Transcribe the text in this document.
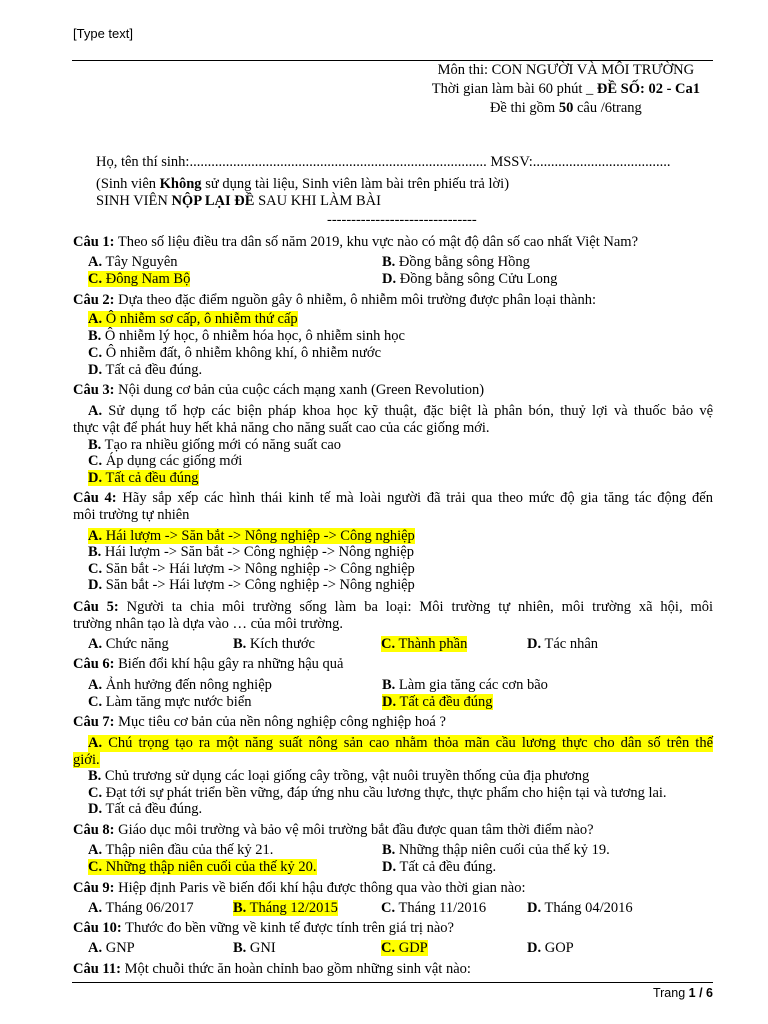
[Type text]
Môn thi: CON NGƯỜI VÀ MÔI TRƯỜNG
Thời gian làm bài 60 phút _ ĐỀ SỐ: 02 - Ca1
Đề thi gồm 50 câu /6trang
Họ, tên thí sinh:.................................................................................. MSSV:......................................
(Sinh viên Không sử dụng tài liệu, Sinh viên làm bài trên phiếu trả lời)
SINH VIÊN NỘP LẠI ĐỀ SAU KHI LÀM BÀI
-------------------------------
Câu 1: Theo số liệu điều tra dân số năm 2019, khu vực nào có mật độ dân số cao nhất Việt Nam?
A. Tây Nguyên	B. Đồng bằng sông Hồng
C. Đông Nam Bộ	D. Đồng bằng sông Cửu Long
Câu 2: Dựa theo đặc điểm nguồn gây ô nhiễm, ô nhiễm môi trường được phân loại thành:
A. Ô nhiễm sơ cấp, ô nhiễm thứ cấp
B. Ô nhiễm lý học, ô nhiễm hóa học, ô nhiễm sinh học
C. Ô nhiễm đất, ô nhiễm không khí, ô nhiễm nước
D. Tất cả đều đúng.
Câu 3: Nội dung cơ bản của cuộc cách mạng xanh (Green Revolution)
A. Sử dụng tổ hợp các biện pháp khoa học kỹ thuật, đặc biệt là phân bón, thuỷ lợi và thuốc bảo vệ
thực vật để phát huy hết khả năng cho năng suất cao của các giống mới.
B. Tạo ra nhiều giống mới có năng suất cao
C. Áp dụng các giống mới
D. Tất cả đều đúng
Câu 4: Hãy sắp xếp các hình thái kinh tế mà loài người đã trải qua theo mức độ gia tăng tác động đến
môi trường tự nhiên
A. Hái lượm -> Săn bắt -> Nông nghiệp -> Công nghiệp
B. Hái lượm -> Săn bắt -> Công nghiệp -> Nông nghiệp
C. Săn bắt -> Hái lượm -> Nông nghiệp -> Công nghiệp
D. Săn bắt -> Hái lượm -> Công nghiệp -> Nông nghiệp
Câu 5: Người ta chia môi trường sống làm ba loại: Môi trường tự nhiên, môi trường xã hội, môi
trường nhân tạo là dựa vào … của môi trường.
A. Chức năng	B. Kích thước	C. Thành phần	D. Tác nhân
Câu 6: Biến đổi khí hậu gây ra những hậu quả
A. Ảnh hưởng đến nông nghiệp	B. Làm gia tăng các cơn bão
C. Làm tăng mực nước biển	D. Tất cả đều đúng
Câu 7: Mục tiêu cơ bản của nền nông nghiệp công nghiệp hoá ?
A. Chú trọng tạo ra một năng suất nông sản cao nhằm thỏa mãn cầu lương thực cho dân số trên thế
giới.
B. Chủ trương sử dụng các loại giống cây trồng, vật nuôi truyền thống của địa phương
C. Đạt tới sự phát triển bền vững, đáp ứng nhu cầu lương thực, thực phẩm cho hiện tại và tương lai.
D. Tất cả đều đúng.
Câu 8: Giáo dục môi trường và bảo vệ môi trường bắt đầu được quan tâm thời điểm nào?
A. Thập niên đầu của thế kỷ 21.	B. Những thập niên cuối của thế kỷ 19.
C. Những thập niên cuối của thế kỷ 20.	D. Tất cả đều đúng.
Câu 9: Hiệp định Paris về biến đổi khí hậu được thông qua vào thời gian nào:
A. Tháng 06/2017	B. Tháng 12/2015	C. Tháng 11/2016	D. Tháng 04/2016
Câu 10: Thước đo bền vững về kinh tế được tính trên giá trị nào?
A. GNP	B. GNI	C. GDP	D. GOP
Câu 11: Một chuỗi thức ăn hoàn chỉnh bao gồm những sinh vật nào:
Trang 1 / 6
